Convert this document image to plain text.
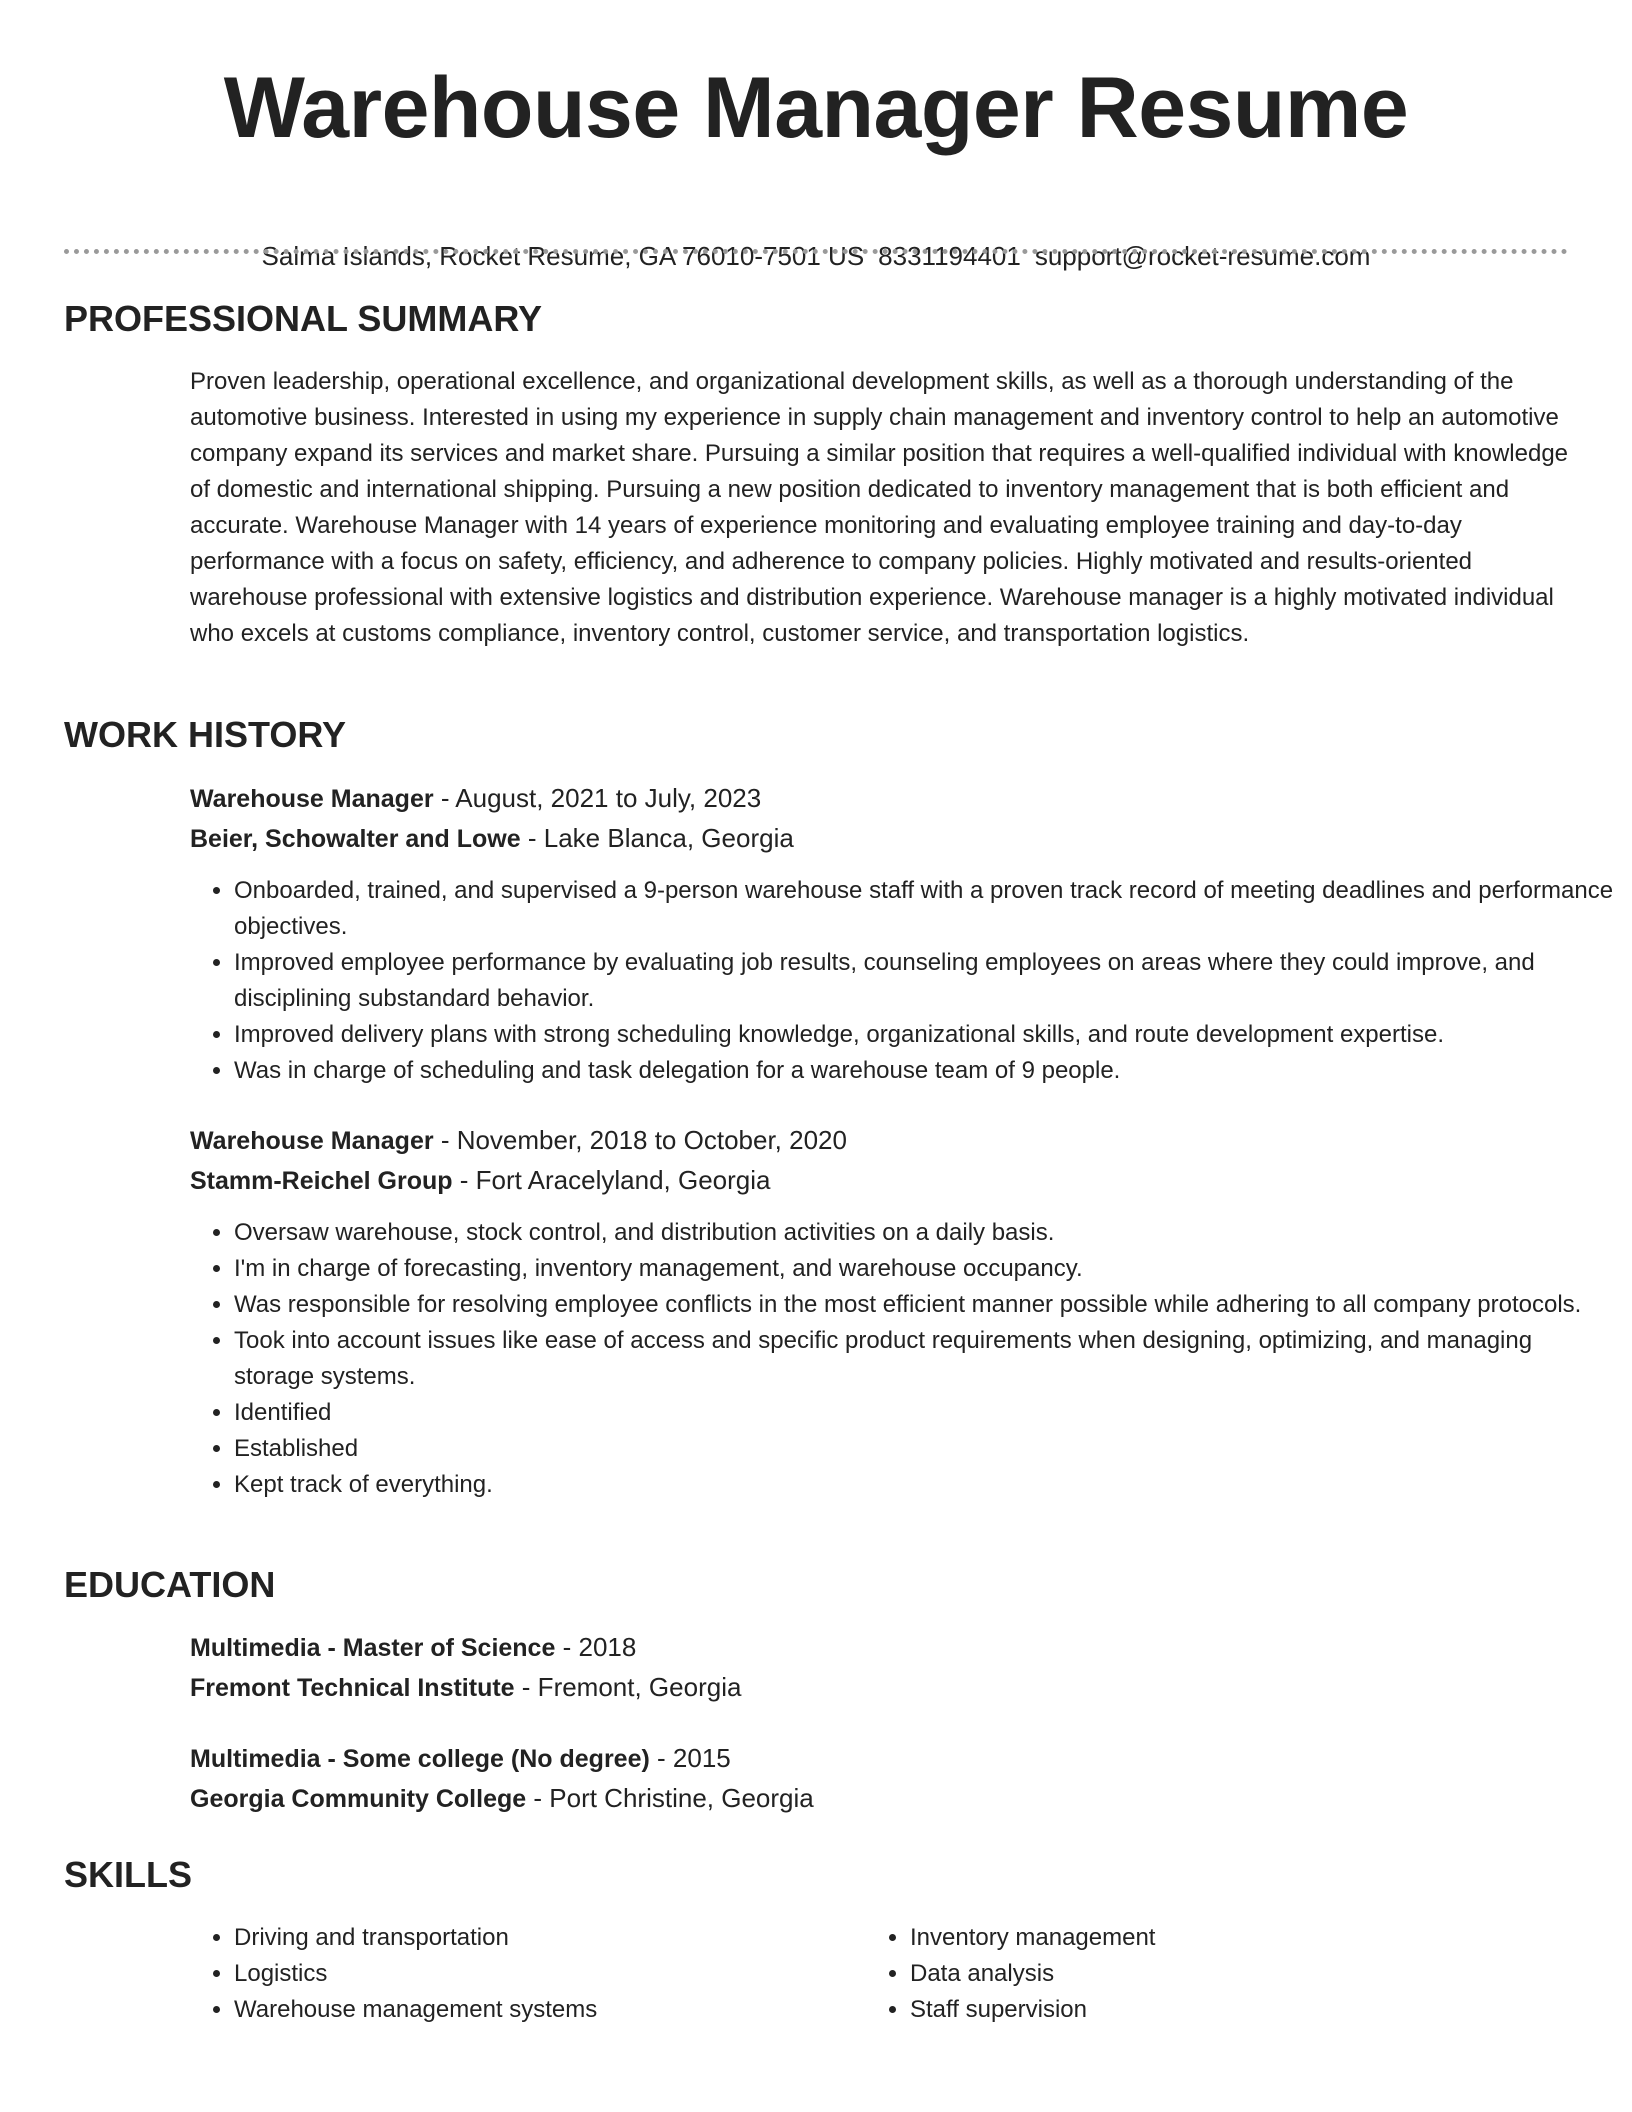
Warehouse Manager Resume
Salma Islands, Rocket Resume, GA 76010-7501 US 8331194401 support@rocket-resume.com
PROFESSIONAL SUMMARY

Proven leadership, operational excellence, and organizational development skills, as well as a thorough understanding of the automotive business. Interested in using my experience in supply chain management and inventory control to help an automotive company expand its services and market share. Pursuing a similar position that requires a well-qualified individual with knowledge of domestic and international shipping. Pursuing a new position dedicated to inventory management that is both efficient and accurate. Warehouse Manager with 14 years of experience monitoring and evaluating employee training and day-to-day performance with a focus on safety, efficiency, and adherence to company policies. Highly motivated and results-oriented warehouse professional with extensive logistics and distribution experience. Warehouse manager is a highly motivated individual who excels at customs compliance, inventory control, customer service, and transportation logistics.

WORK HISTORY
Warehouse Manager - August, 2021 to July, 2023
Beier, Schowalter and Lowe - Lake Blanca, Georgia
• Onboarded, trained, and supervised a 9-person warehouse staff with a proven track record of meeting deadlines and performance objectives.
• Improved employee performance by evaluating job results, counseling employees on areas where they could improve, and disciplining substandard behavior.
• Improved delivery plans with strong scheduling knowledge, organizational skills, and route development expertise.
• Was in charge of scheduling and task delegation for a warehouse team of 9 people.
Warehouse Manager - November, 2018 to October, 2020
Stamm-Reichel Group - Fort Aracelyland, Georgia
• Oversaw warehouse, stock control, and distribution activities on a daily basis.
• I'm in charge of forecasting, inventory management, and warehouse occupancy.
• Was responsible for resolving employee conflicts in the most efficient manner possible while adhering to all company protocols.
• Took into account issues like ease of access and specific product requirements when designing, optimizing, and managing storage systems.
• Identified
• Established
• Kept track of everything.
EDUCATION
Multimedia - Master of Science - 2018
Fremont Technical Institute - Fremont, Georgia
Multimedia - Some college (No degree) - 2015
Georgia Community College - Port Christine, Georgia
SKILLS
• Driving and transportation
• Logistics
• Warehouse management systems
• Inventory management
• Data analysis
• Staff supervision
